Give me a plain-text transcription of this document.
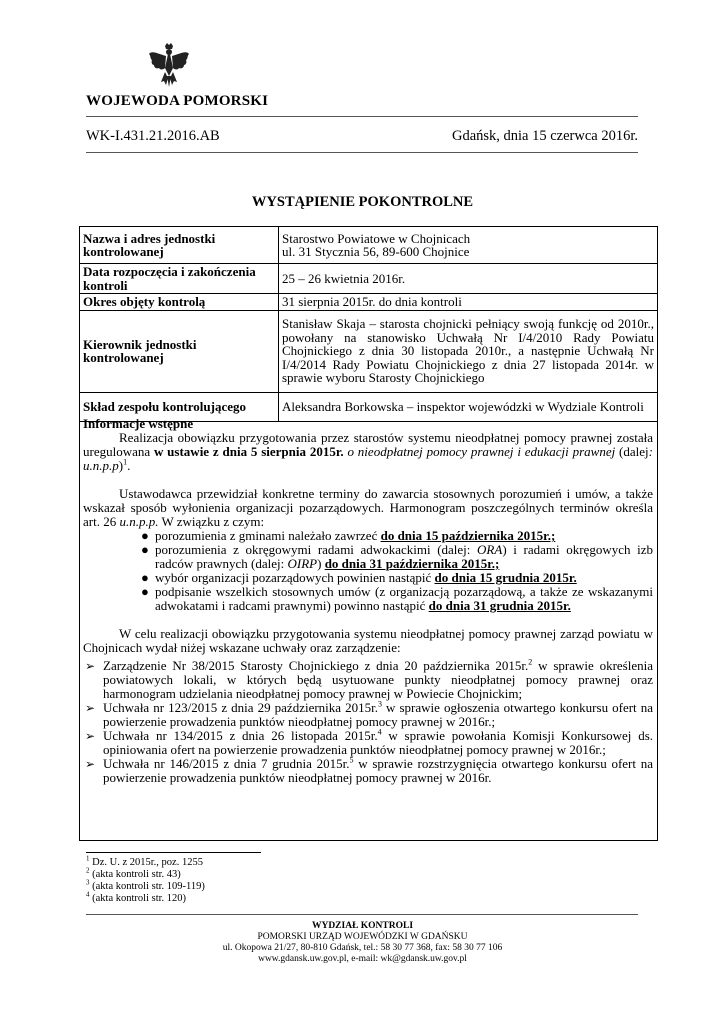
WOJEWODA POMORSKI
WK-I.431.21.2016.AB	Gdańsk, dnia 15 czerwca 2016r.
WYSTĄPIENIE POKONTROLNE
Nazwa i adres jednostki kontrolowanej	Starostwo Powiatowe w Chojnicach
ul. 31 Stycznia 56, 89-600 Chojnice
Data rozpoczęcia i zakończenia kontroli	25 – 26 kwietnia 2016r.
Okres objęty kontrolą	31 sierpnia 2015r. do dnia kontroli
Kierownik jednostki kontrolowanej	Stanisław Skaja – starosta chojnicki pełniący swoją funkcję od 2010r., powołany na stanowisko Uchwałą Nr I/4/2010 Rady Powiatu Chojnickiego z dnia 30 listopada 2010r., a następnie Uchwałą Nr I/4/2014 Rady Powiatu Chojnickiego z dnia 27 listopada 2014r. w sprawie wyboru Starosty Chojnickiego
Skład zespołu kontrolującego	Aleksandra Borkowska – inspektor wojewódzki w Wydziale Kontroli

Informacje wstępne

Realizacja obowiązku przygotowania przez starostów systemu nieodpłatnej pomocy prawnej została uregulowana w ustawie z dnia 5 sierpnia 2015r. o nieodpłatnej pomocy prawnej i edukacji prawnej (dalej: u.n.p.p)$^1$.

Ustawodawca przewidział konkretne terminy do zawarcia stosownych porozumień i umów, a także wskazał sposób wyłonienia organizacji pozarządowych. Harmonogram poszczególnych terminów określa art. 26 u.n.p.p. W związku z czym:

● porozumienia z gminami należało zawrzeć do dnia 15 października 2015r.;
● porozumienia z okręgowymi radami adwokackimi (dalej: ORA) i radami okręgowych izb radców prawnych (dalej: OIRP) do dnia 31 października 2015r.;
● wybór organizacji pozarządowych powinien nastąpić do dnia 15 grudnia 2015r.
● podpisanie wszelkich stosownych umów (z organizacją pozarządową, a także ze wskazanymi adwokatami i radcami prawnymi) powinno nastąpić do dnia 31 grudnia 2015r.

W celu realizacji obowiązku przygotowania systemu nieodpłatnej pomocy prawnej zarząd powiatu w Chojnicach wydał niżej wskazane uchwały oraz zarządzenie:

➢ Zarządzenie Nr 38/2015 Starosty Chojnickiego z dnia 20 października 2015r.$^2$ w sprawie określenia powiatowych lokali, w których będą usytuowane punkty nieodpłatnej pomocy prawnej oraz harmonogram udzielania nieodpłatnej pomocy prawnej w Powiecie Chojnickim;
➢ Uchwała nr 123/2015 z dnia 29 października 2015r.$^3$ w sprawie ogłoszenia otwartego konkursu ofert na powierzenie prowadzenia punktów nieodpłatnej pomocy prawnej w 2016r.;
➢ Uchwała nr 134/2015 z dnia 26 listopada 2015r.$^4$ w sprawie powołania Komisji Konkursowej ds. opiniowania ofert na powierzenie prowadzenia punktów nieodpłatnej pomocy prawnej w 2016r.;
➢ Uchwała nr 146/2015 z dnia 7 grudnia 2015r.$^5$ w sprawie rozstrzygnięcia otwartego konkursu ofert na powierzenie prowadzenia punktów nieodpłatnej pomocy prawnej w 2016r.
$^1$ Dz. U. z 2015r., poz. 1255
$^2$ (akta kontroli str. 43)
$^3$ (akta kontroli str. 109-119)
$^4$ (akta kontroli str. 120)
WYDZIAŁ KONTROLI
POMORSKI URZĄD WOJEWÓDZKI W GDAŃSKU
ul. Okopowa 21/27, 80-810 Gdańsk, tel.: 58 30 77 368, fax: 58 30 77 106
www.gdansk.uw.gov.pl, e-mail: wk@gdansk.uw.gov.pl
